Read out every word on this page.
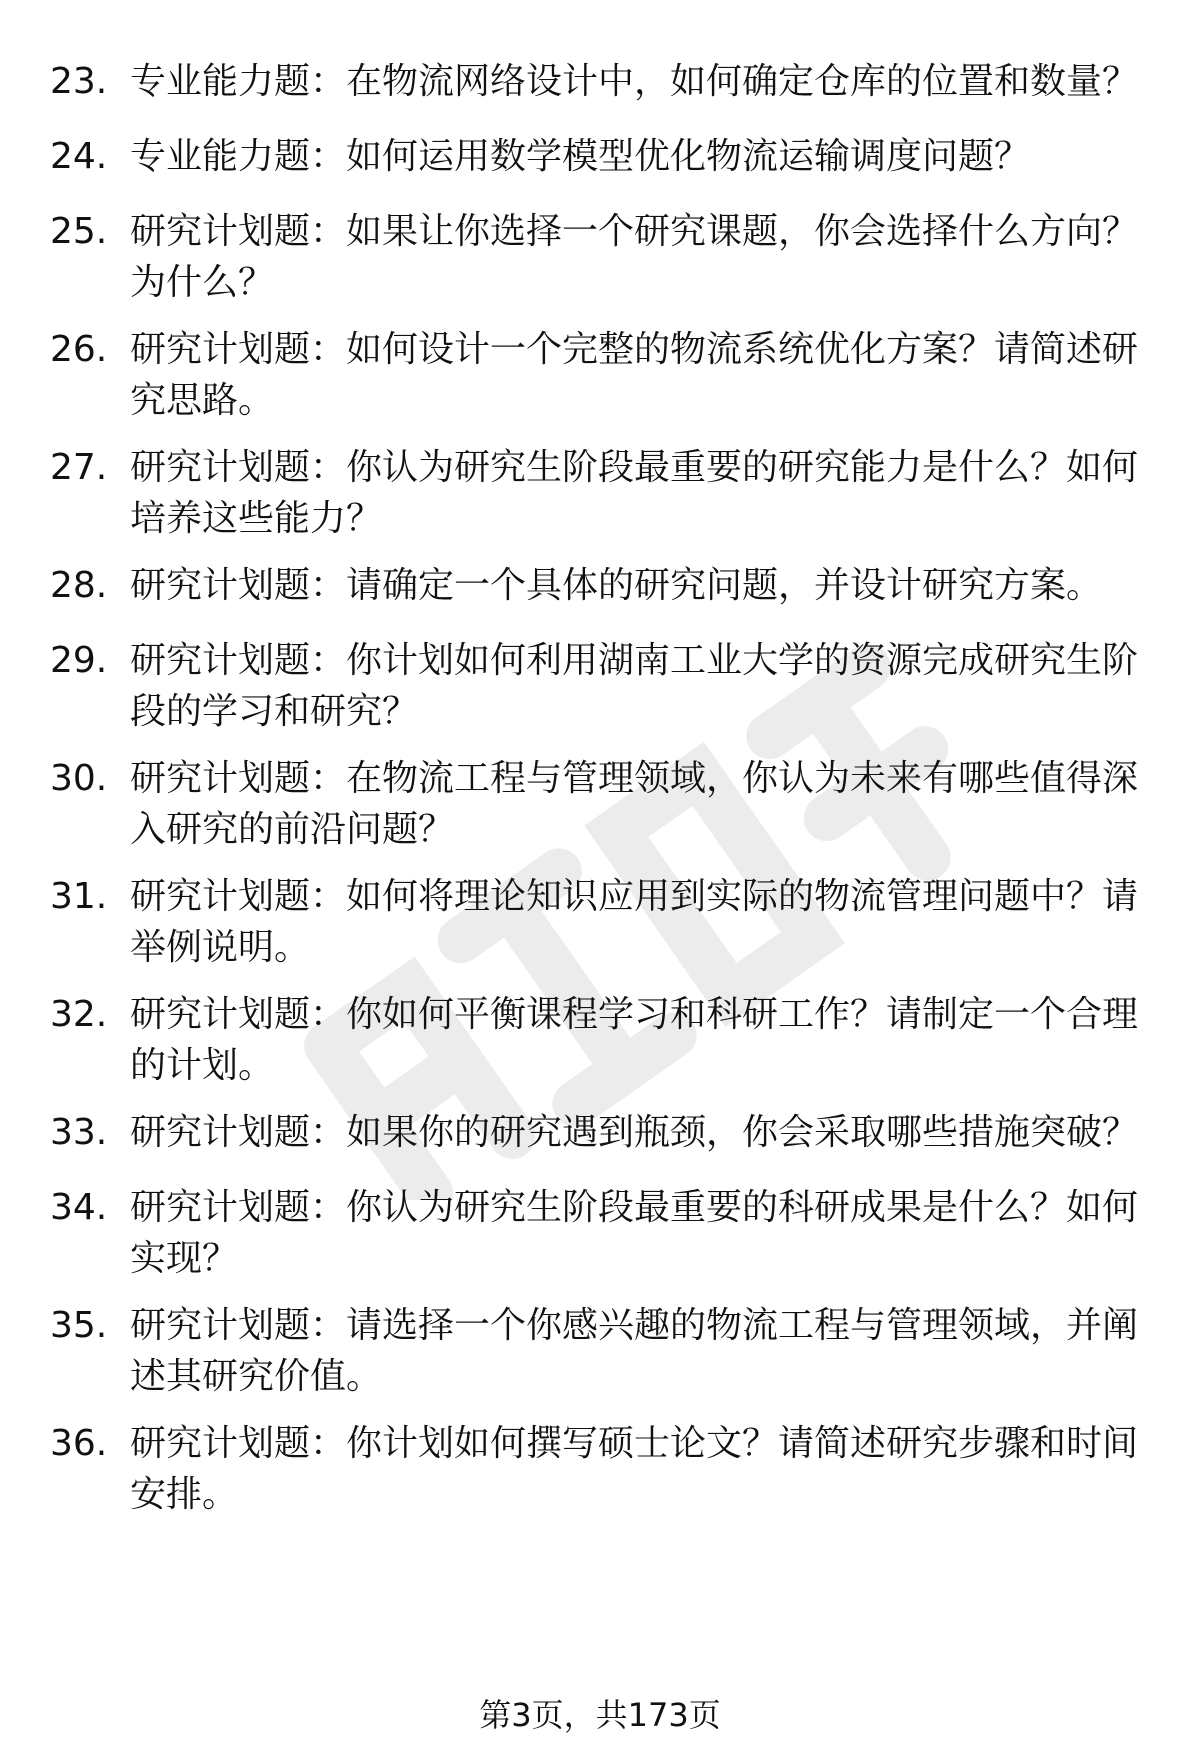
23. 专业能力题：在物流网络设计中，如何确定仓库的位置和数量？
24. 专业能力题：如何运用数学模型优化物流运输调度问题？
25. 研究计划题：如果让你选择一个研究课题，你会选择什么方向？为什么？
26. 研究计划题：如何设计一个完整的物流系统优化方案？请简述研究思路。
27. 研究计划题：你认为研究生阶段最重要的研究能力是什么？如何培养这些能力？
28. 研究计划题：请确定一个具体的研究问题，并设计研究方案。
29. 研究计划题：你计划如何利用湖南工业大学的资源完成研究生阶段的学习和研究？
30. 研究计划题：在物流工程与管理领域，你认为未来有哪些值得深入研究的前沿问题？
31. 研究计划题：如何将理论知识应用到实际的物流管理问题中？请举例说明。
32. 研究计划题：你如何平衡课程学习和科研工作？请制定一个合理的计划。
33. 研究计划题：如果你的研究遇到瓶颈，你会采取哪些措施突破？
34. 研究计划题：你认为研究生阶段最重要的科研成果是什么？如何实现？
35. 研究计划题：请选择一个你感兴趣的物流工程与管理领域，并阐述其研究价值。
36. 研究计划题：你计划如何撰写硕士论文？请简述研究步骤和时间安排。
第3页，共173页
